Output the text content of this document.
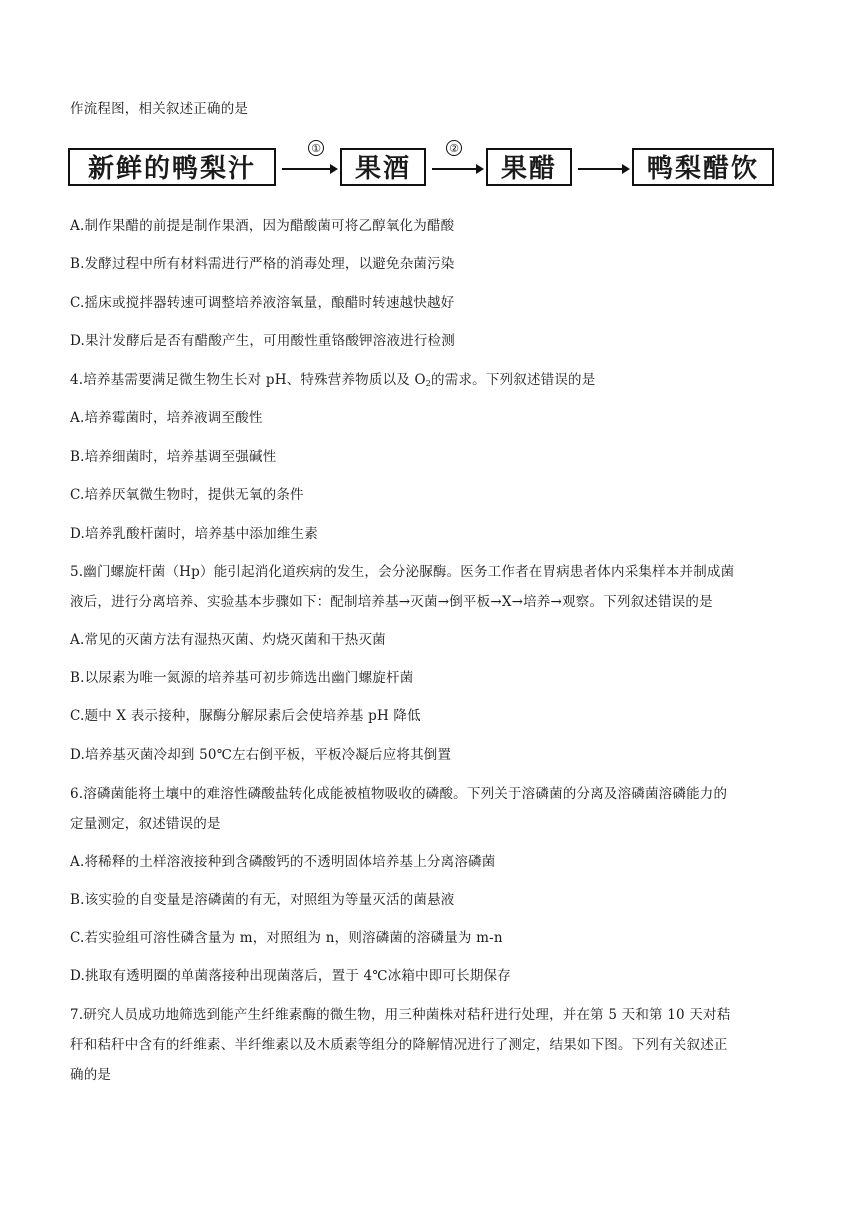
作流程图，相关叙述正确的是
新鲜的鸭梨汁
①
果酒
②
果醋	鸭梨醋饮
A.制作果醋的前提是制作果酒，因为醋酸菌可将乙醇氧化为醋酸
B.发酵过程中所有材料需进行严格的消毒处理，以避免杂菌污染
C.摇床或搅拌器转速可调整培养液溶氧量，酿醋时转速越快越好
D.果汁发酵后是否有醋酸产生，可用酸性重铬酸钾溶液进行检测
4.培养基需要满足微生物生长对 pH、特殊营养物质以及 $O_2$的需求。下列叙述错误的是
A.培养霉菌时，培养液调至酸性
B.培养细菌时，培养基调至强碱性
C.培养厌氧微生物时，提供无氧的条件
D.培养乳酸杆菌时，培养基中添加维生素
5.幽门螺旋杆菌（Hp）能引起消化道疾病的发生，会分泌脲酶。医务工作者在胃病患者体内采集样本并制成菌
液后，进行分离培养、实验基本步骤如下：配制培养基→灭菌→倒平板→X→培养→观察。下列叙述错误的是
A.常见的灭菌方法有湿热灭菌、灼烧灭菌和干热灭菌
B.以尿素为唯一氮源的培养基可初步筛选出幽门螺旋杆菌
C.题中 X 表示接种，脲酶分解尿素后会使培养基 pH 降低
D.培养基灭菌冷却到 50℃左右倒平板，平板冷凝后应将其倒置
6.溶磷菌能将土壤中的难溶性磷酸盐转化成能被植物吸收的磷酸。下列关于溶磷菌的分离及溶磷菌溶磷能力的
定量测定，叙述错误的是
A.将稀释的土样溶液接种到含磷酸钙的不透明固体培养基上分离溶磷菌
B.该实验的自变量是溶磷菌的有无，对照组为等量灭活的菌悬液
C.若实验组可溶性磷含量为 m，对照组为 n，则溶磷菌的溶磷量为 m-n
D.挑取有透明圈的单菌落接种出现菌落后，置于 4℃冰箱中即可长期保存
7.研究人员成功地筛选到能产生纤维素酶的微生物，用三种菌株对秸秆进行处理，并在第 5 天和第 10 天对秸
秆和秸秆中含有的纤维素、半纤维素以及木质素等组分的降解情况进行了测定，结果如下图。下列有关叙述正
确的是
